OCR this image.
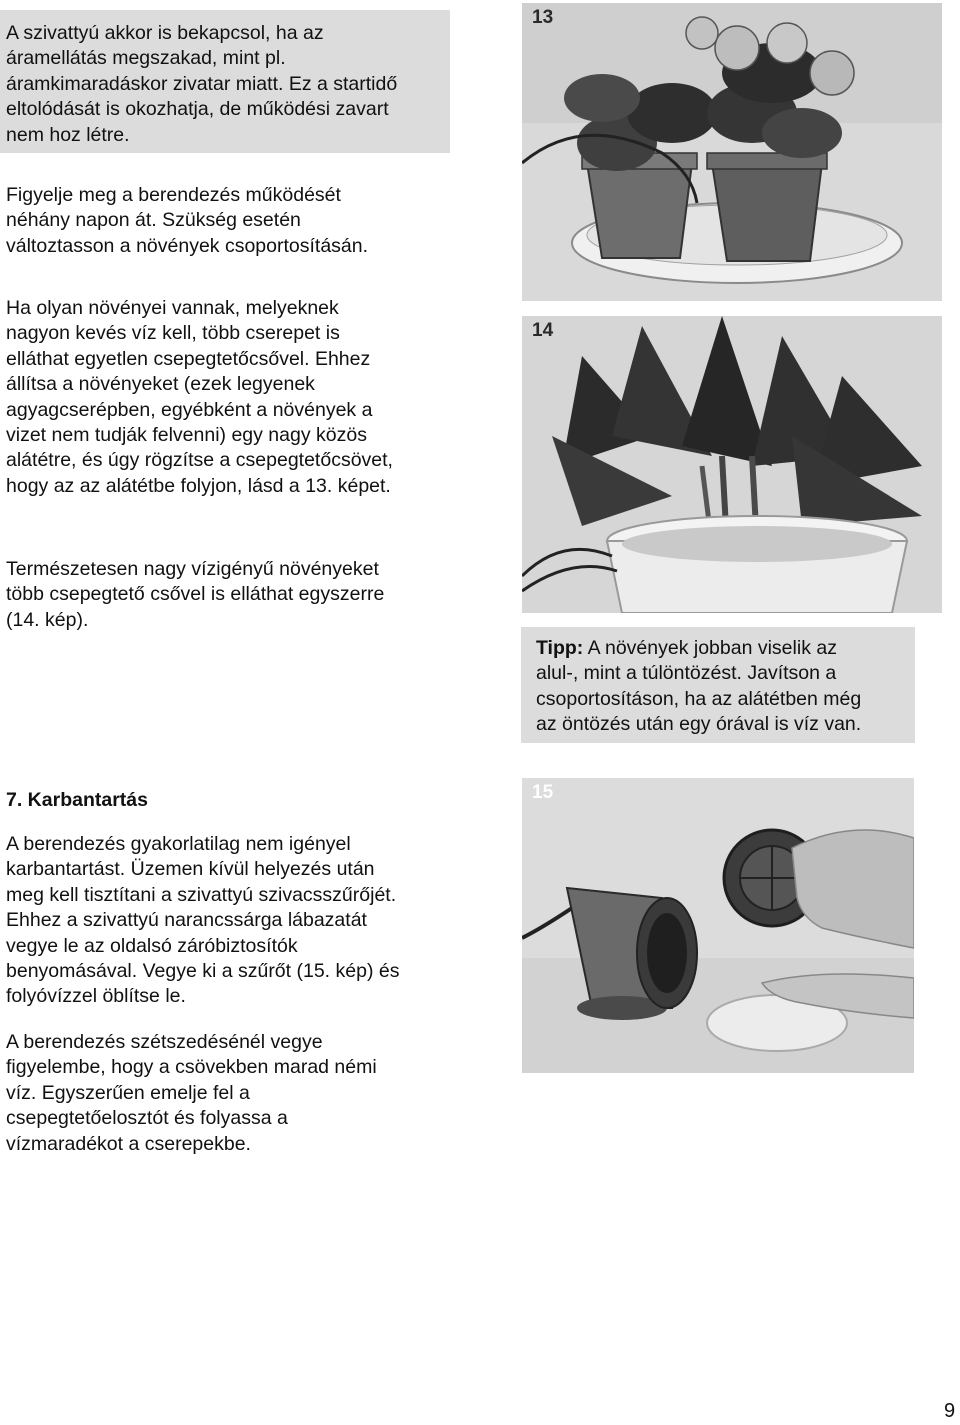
A szivattyú akkor is bekapcsol, ha az
áramellátás megszakad, mint pl.
áramkimaradáskor zivatar miatt. Ez a startidő
eltolódását is okozhatja, de működési zavart
nem hoz létre.

Figyelje meg a berendezés működését
néhány napon át. Szükség esetén
változtasson a növények csoportosításán.

Ha olyan növényei vannak, melyeknek
nagyon kevés víz kell, több cserepet is
elláthat egyetlen csepegtetőcsővel. Ehhez
állítsa a növényeket (ezek legyenek
agyagcserépben, egyébként a növények a
vizet nem tudják felvenni) egy nagy közös
alátétre, és úgy rögzítse a csepegtetőcsövet,
hogy az az alátétbe folyjon, lásd a 13. képet.

Természetesen nagy vízigényű növényeket
több csepegtető csővel is elláthat egyszerre
(14. kép).

13
14

Tipp: A növények jobban viselik az
alul-, mint a túlöntözést. Javítson a
csoportosításon, ha az alátétben még
az öntözés után egy órával is víz van.

7. Karbantartás

A berendezés gyakorlatilag nem igényel
karbantartást. Üzemen kívül helyezés után
meg kell tisztítani a szivattyú szivacsszűrőjét.
Ehhez a szivattyú narancssárga lábazatát
vegye le az oldalsó záróbiztosítók
benyomásával. Vegye ki a szűrőt (15. kép) és
folyóvízzel öblítse le.

A berendezés szétszedésénél vegye
figyelembe, hogy a csövekben marad némi
víz. Egyszerűen emelje fel a
csepegtetőelosztót és folyassa a
vízmaradékot a cserepekbe.

15
9
